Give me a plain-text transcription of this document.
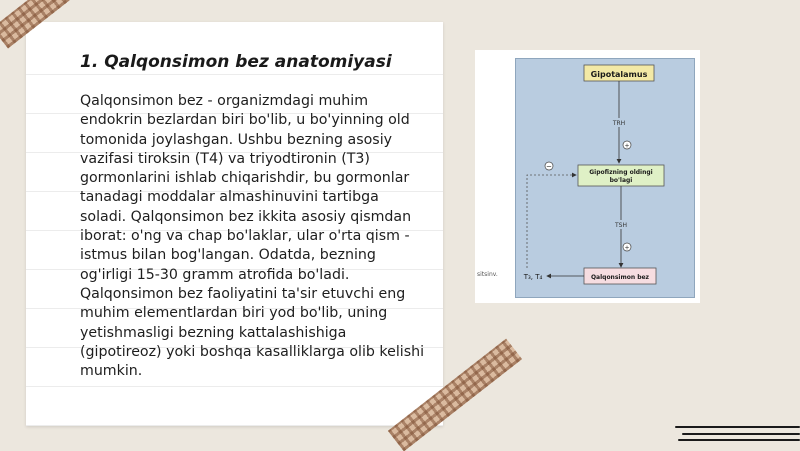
1. Qalqonsimon bez anatomiyasi

Qalqonsimon bez - organizmdagi muhim endokrin bezlardan biri bo'lib, u bo'yinning old tomonida joylashgan. Ushbu bezning asosiy vazifasi tiroksin (T4) va triyodtironin (T3) gormonlarini ishlab chiqarishdir, bu gormonlar tanadagi moddalar almashinuvini tartibga soladi. Qalqonsimon bez ikkita asosiy qismdan iborat: o'ng va chap bo'laklar, ular o'rta qism - istmus bilan bog'langan. Odatda, bezning og'irligi 15-30 gramm atrofida bo'ladi. Qalqonsimon bez faoliyatini ta'sir etuvchi eng muhim elementlardan biri yod bo'lib, uning yetishmasligi bezning kattalashishiga (gipotireoz) yoki boshqa kasalliklarga olib kelishi mumkin.

Gipotalamus
TRH
+
Gipofizning oldingi
bo'lagi
TSH
+
Qalqonsimon bez
T₃, T₄
−
sitsinv.
